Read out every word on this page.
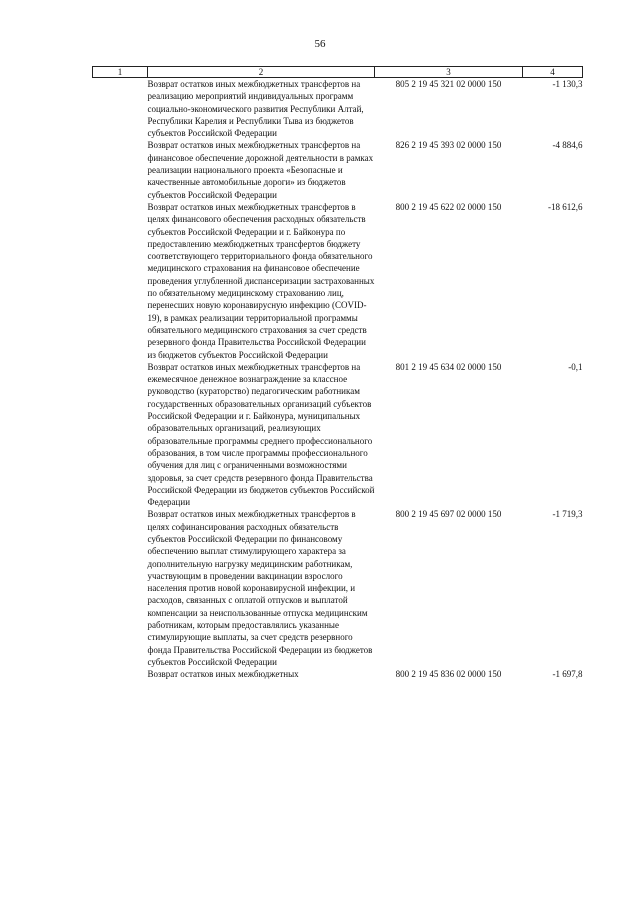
56
1	2	3	4
	Возврат остатков иных межбюджетных трансфертов на реализацию мероприятий индивидуальных программ социально-экономического развития Республики Алтай, Республики Карелия и Республики Тыва из бюджетов субъектов Российской Федерации	805 2 19 45 321 02 0000 150	-1 130,3
	Возврат остатков иных межбюджетных трансфертов на финансовое обеспечение дорожной деятельности в рамках реализации национального проекта «Безопасные и качественные автомобильные дороги» из бюджетов субъектов Российской Федерации	826 2 19 45 393 02 0000 150	-4 884,6
	Возврат остатков иных межбюджетных трансфертов в целях финансового обеспечения расходных обязательств субъектов Российской Федерации и г. Байконура по предоставлению межбюджетных трансфертов бюджету соответствующего территориального фонда обязательного медицинского страхования на финансовое обеспечение проведения углубленной диспансеризации застрахованных по обязательному медицинскому страхованию лиц, перенесших новую коронавирусную инфекцию (COVID-19), в рамках реализации территориальной программы обязательного медицинского страхования за счет средств резервного фонда Правительства Российской Федерации из бюджетов субъектов Российской Федерации	800 2 19 45 622 02 0000 150	-18 612,6
	Возврат остатков иных межбюджетных трансфертов на ежемесячное денежное вознаграждение за классное руководство (кураторство) педагогическим работникам государственных образовательных организаций субъектов Российской Федерации и г. Байконура, муниципальных образовательных организаций, реализующих образовательные программы среднего профессионального образования, в том числе программы профессионального обучения для лиц с ограниченными возможностями здоровья, за счет средств резервного фонда Правительства Российской Федерации из бюджетов субъектов Российской Федерации	801 2 19 45 634 02 0000 150	-0,1
	Возврат остатков иных межбюджетных трансфертов в целях софинансирования расходных обязательств субъектов Российской Федерации по финансовому обеспечению выплат стимулирующего характера за дополнительную нагрузку медицинским работникам, участвующим в проведении вакцинации взрослого населения против новой коронавирусной инфекции, и расходов, связанных с оплатой отпусков и выплатой компенсации за неиспользованные отпуска медицинским работникам, которым предоставлялись указанные стимулирующие выплаты, за счет средств резервного фонда Правительства Российской Федерации из бюджетов субъектов Российской Федерации	800 2 19 45 697 02 0000 150	-1 719,3
	Возврат остатков иных межбюджетных	800 2 19 45 836 02 0000 150	-1 697,8
